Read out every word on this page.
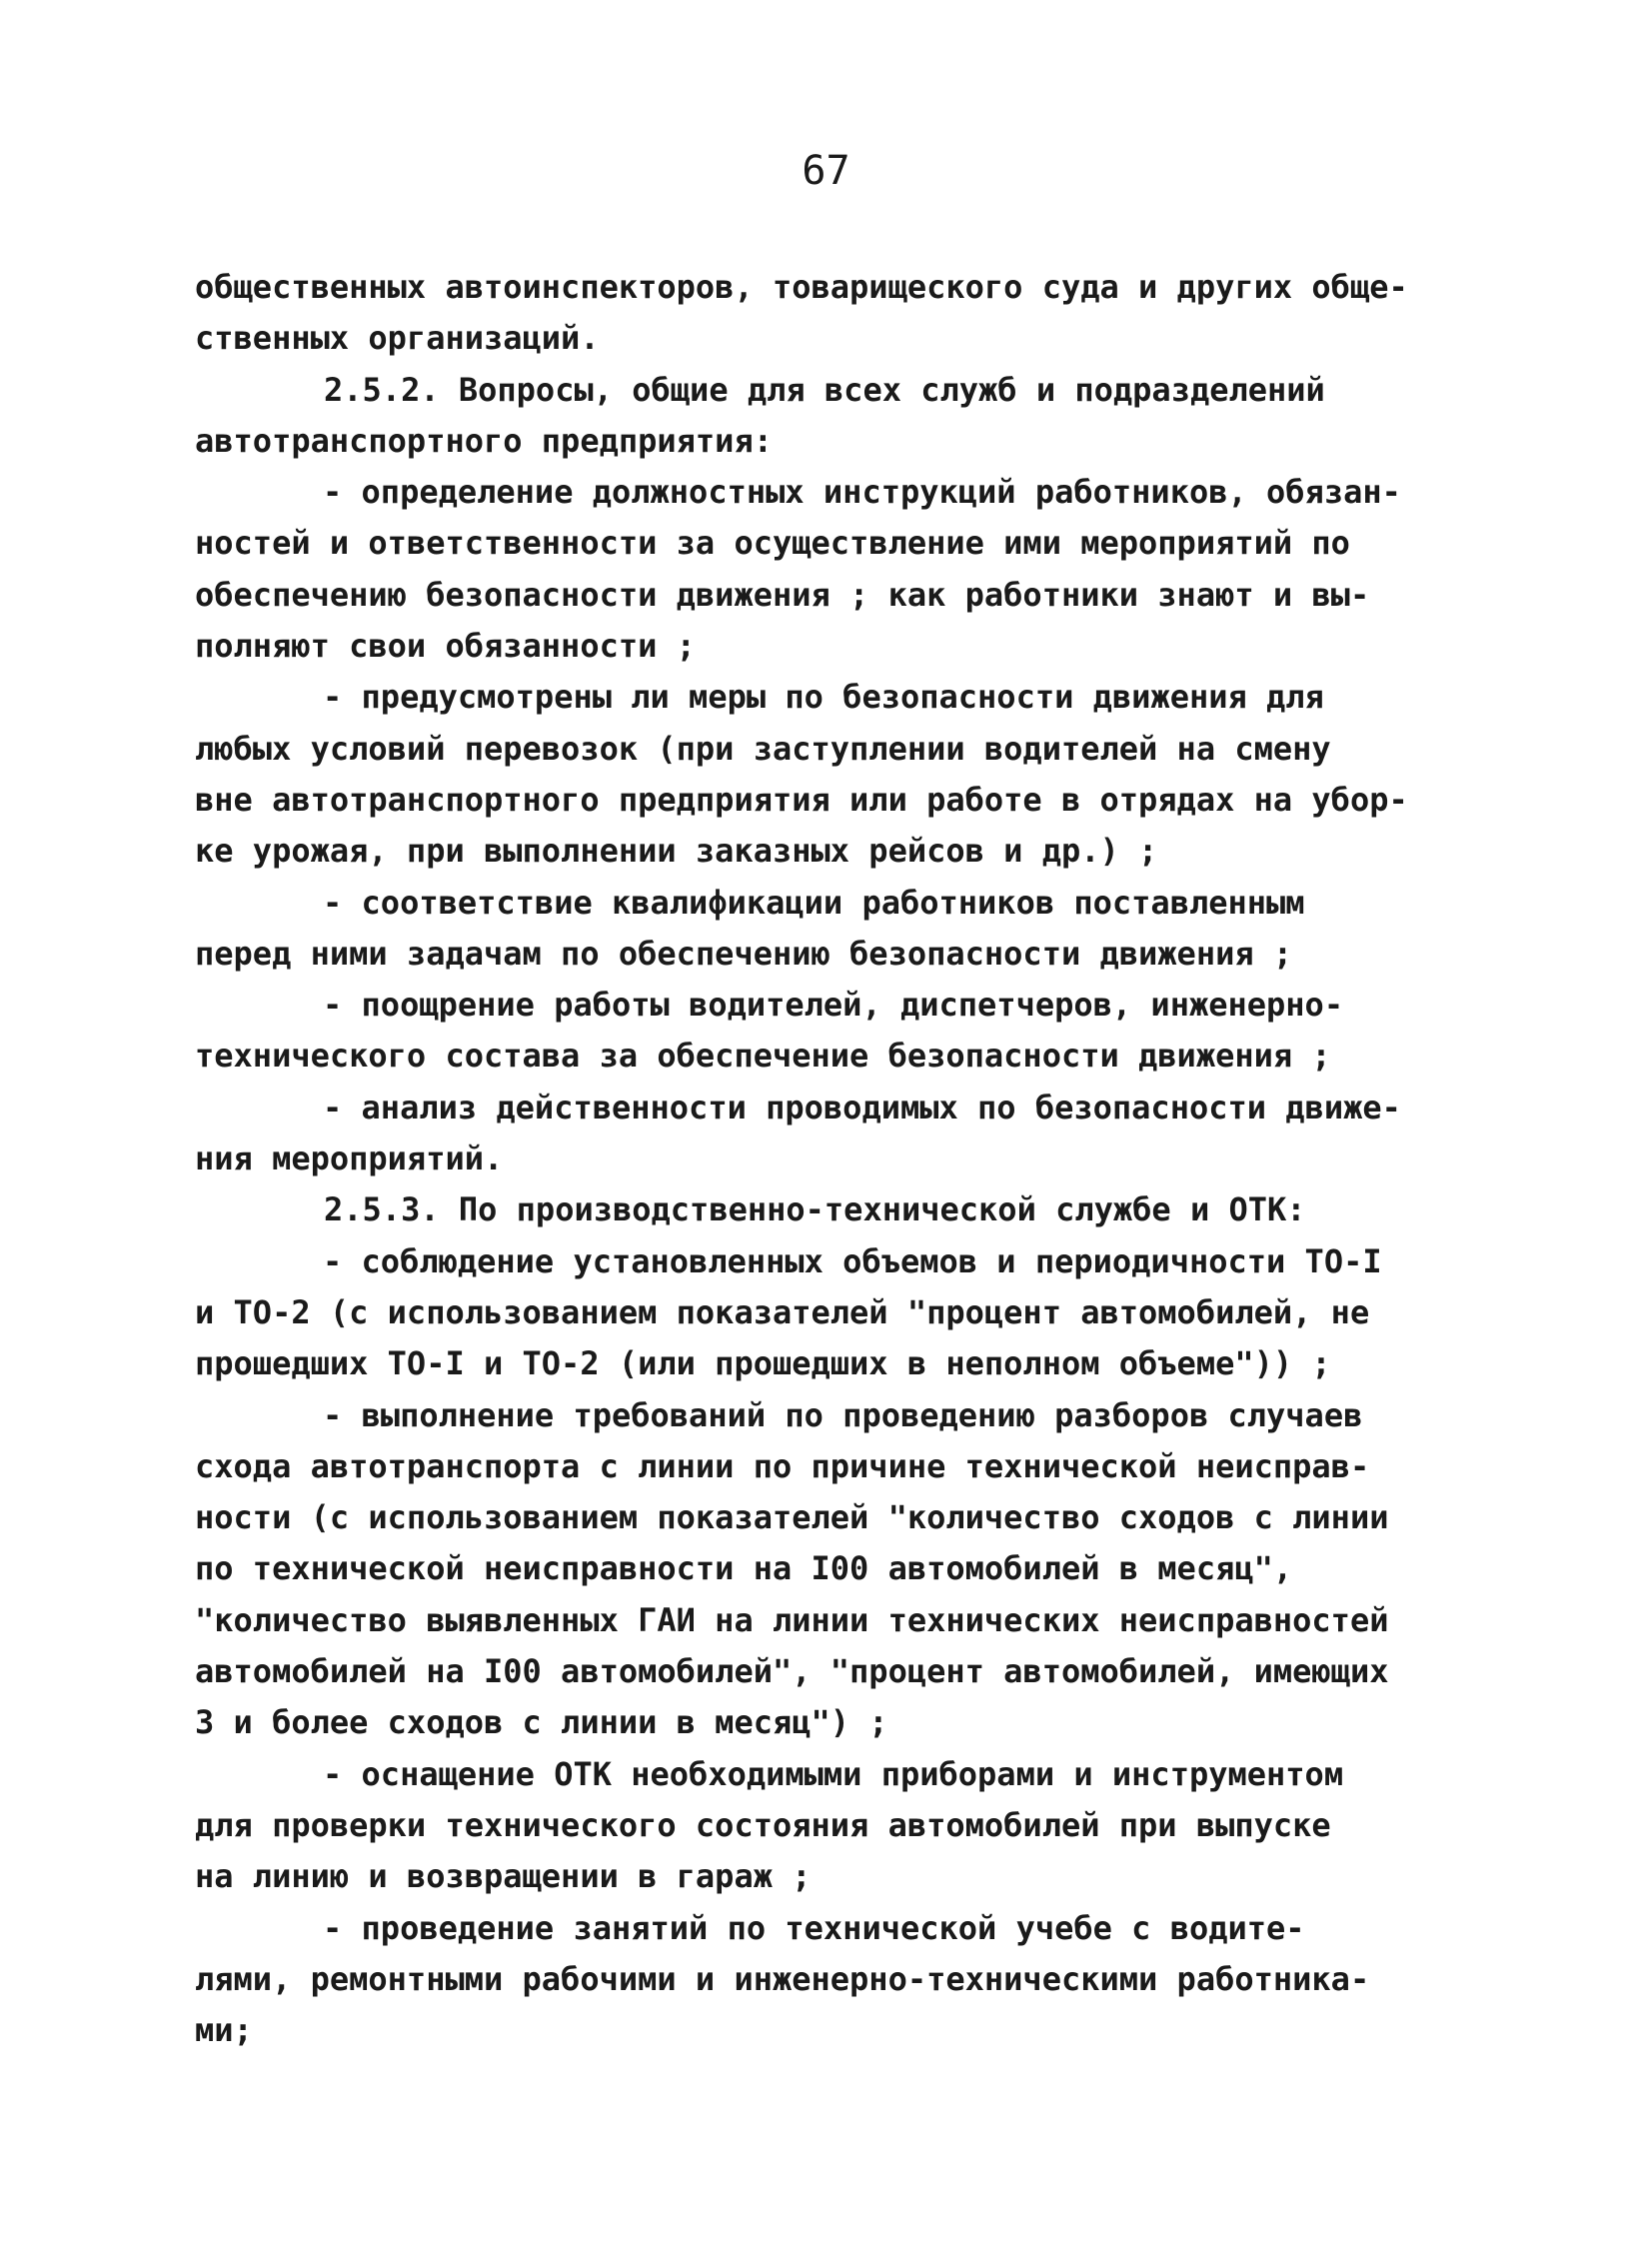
67

общественных автоинспекторов, товарищеского суда и других обще-

ственных организаций.

2.5.2. Вопросы, общие для всех служб и подразделений

автотранспортного предприятия:

- определение должностных инструкций работников, обязан-

ностей и ответственности за осуществление ими мероприятий по

обеспечению безопасности движения ; как работники знают и вы-

полняют свои обязанности ;

- предусмотрены ли меры по безопасности движения для

любых условий перевозок (при заступлении водителей на смену

вне автотранспортного предприятия или работе в отрядах на убор-

ке урожая, при выполнении заказных рейсов и др.) ;

- соответствие квалификации работников поставленным

перед ними задачам по обеспечению безопасности движения ;

- поощрение работы водителей, диспетчеров, инженерно-

технического состава за обеспечение безопасности движения ;

- анализ действенности проводимых по безопасности движе-

ния мероприятий.

2.5.3. По производственно-технической службе и ОТК:

- соблюдение установленных объемов и периодичности ТО-I

и ТО-2 (с использованием показателей "процент автомобилей, не

прошедших ТО-I и ТО-2 (или прошедших в неполном объеме")) ;

- выполнение требований по проведению разборов случаев

схода автотранспорта с линии по причине технической неисправ-

ности (с использованием показателей "количество сходов с линии

по технической неисправности на I00 автомобилей в месяц",

"количество выявленных ГАИ на линии технических неисправностей

автомобилей на I00 автомобилей", "процент автомобилей, имеющих

3 и более сходов с линии в месяц") ;

- оснащение ОТК необходимыми приборами и инструментом

для проверки технического состояния автомобилей при выпуске

на линию и возвращении в гараж ;

- проведение занятий по технической учебе с водите-

лями, ремонтными рабочими и инженерно-техническими работника-

ми;
